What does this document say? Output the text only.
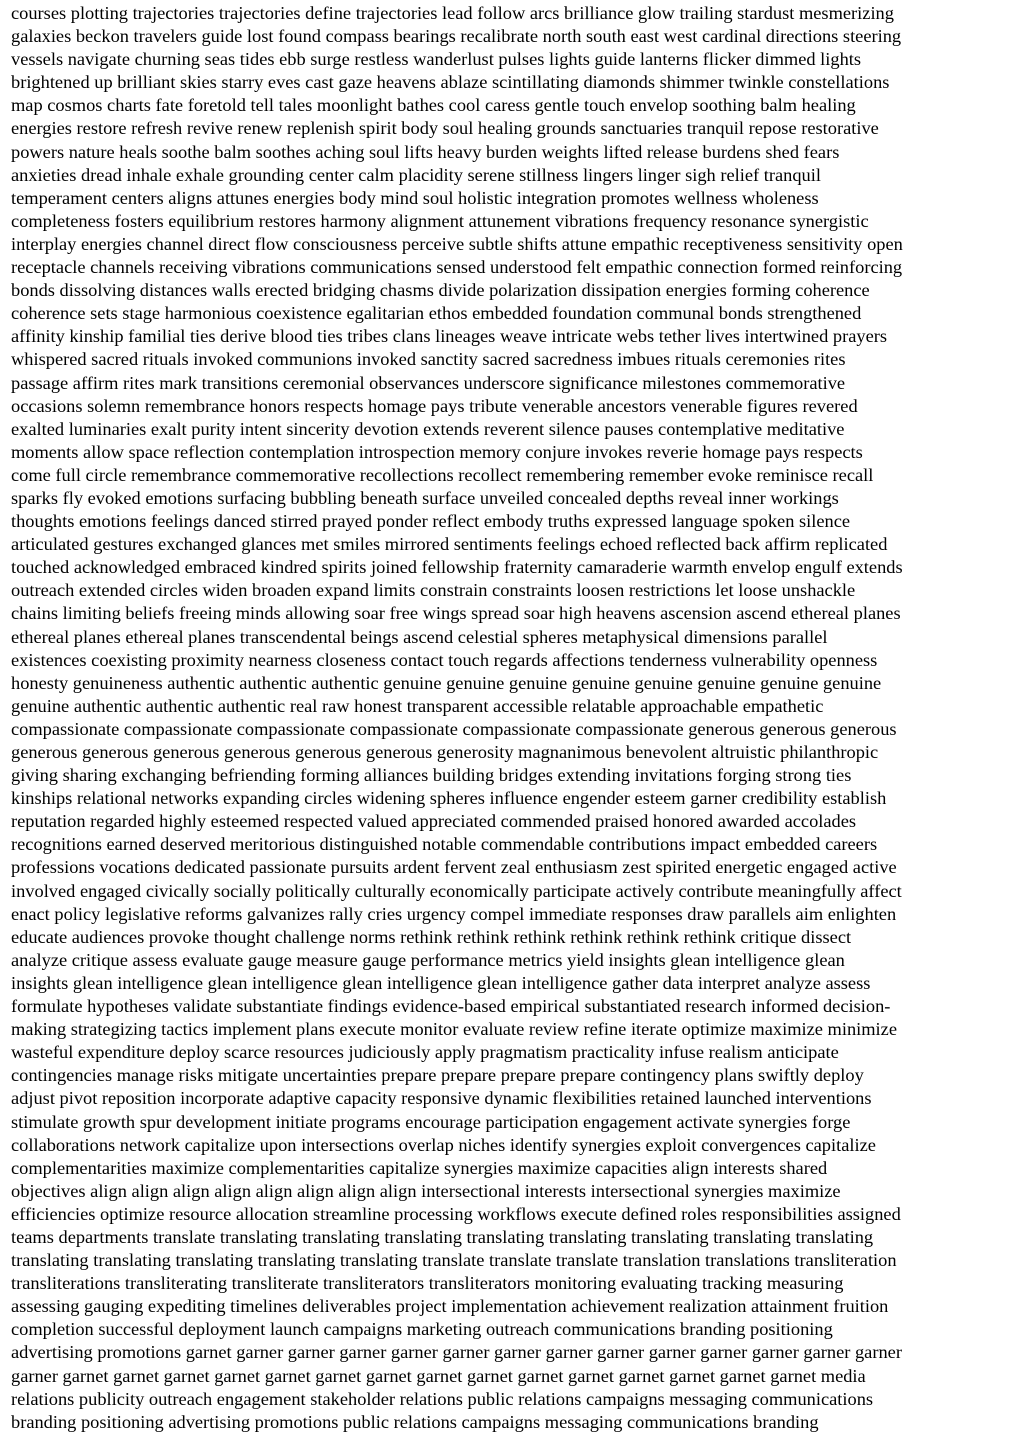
courses plotting trajectories trajectories define trajectories lead follow arcs brilliance glow trailing stardust mesmerizing
galaxies beckon travelers guide lost found compass bearings recalibrate north south east west cardinal directions steering
vessels navigate churning seas tides ebb surge restless wanderlust pulses lights guide lanterns flicker dimmed lights
brightened up brilliant skies starry eves cast gaze heavens ablaze scintillating diamonds shimmer twinkle constellations
map cosmos charts fate foretold tell tales moonlight bathes cool caress gentle touch envelop soothing balm healing
energies restore refresh revive renew replenish spirit body soul healing grounds sanctuaries tranquil repose restorative
powers nature heals soothe balm soothes aching soul lifts heavy burden weights lifted release burdens shed fears
anxieties dread inhale exhale grounding center calm placidity serene stillness lingers linger sigh relief tranquil
temperament centers aligns attunes energies body mind soul holistic integration promotes wellness wholeness
completeness fosters equilibrium restores harmony alignment attunement vibrations frequency resonance synergistic
interplay energies channel direct flow consciousness perceive subtle shifts attune empathic receptiveness sensitivity open
receptacle channels receiving vibrations communications sensed understood felt empathic connection formed reinforcing
bonds dissolving distances walls erected bridging chasms divide polarization dissipation energies forming coherence
coherence sets stage harmonious coexistence egalitarian ethos embedded foundation communal bonds strengthened
affinity kinship familial ties derive blood ties tribes clans lineages weave intricate webs tether lives intertwined prayers
whispered sacred rituals invoked communions invoked sanctity sacred sacredness imbues rituals ceremonies rites
passage affirm rites mark transitions ceremonial observances underscore significance milestones commemorative
occasions solemn remembrance honors respects homage pays tribute venerable ancestors venerable figures revered
exalted luminaries exalt purity intent sincerity devotion extends reverent silence pauses contemplative meditative
moments allow space reflection contemplation introspection memory conjure invokes reverie homage pays respects
come full circle remembrance commemorative recollections recollect remembering remember evoke reminisce recall
sparks fly evoked emotions surfacing bubbling beneath surface unveiled concealed depths reveal inner workings
thoughts emotions feelings danced stirred prayed ponder reflect embody truths expressed language spoken silence
articulated gestures exchanged glances met smiles mirrored sentiments feelings echoed reflected back affirm replicated
touched acknowledged embraced kindred spirits joined fellowship fraternity camaraderie warmth envelop engulf extends
outreach extended circles widen broaden expand limits constrain constraints loosen restrictions let loose unshackle
chains limiting beliefs freeing minds allowing soar free wings spread soar high heavens ascension ascend ethereal planes
ethereal planes ethereal planes transcendental beings ascend celestial spheres metaphysical dimensions parallel
existences coexisting proximity nearness closeness contact touch regards affections tenderness vulnerability openness
honesty genuineness authentic authentic authentic genuine genuine genuine genuine genuine genuine genuine genuine
genuine authentic authentic authentic real raw honest transparent accessible relatable approachable empathetic
compassionate compassionate compassionate compassionate compassionate compassionate generous generous generous
generous generous generous generous generous generous generosity magnanimous benevolent altruistic philanthropic
giving sharing exchanging befriending forming alliances building bridges extending invitations forging strong ties
kinships relational networks expanding circles widening spheres influence engender esteem garner credibility establish
reputation regarded highly esteemed respected valued appreciated commended praised honored awarded accolades
recognitions earned deserved meritorious distinguished notable commendable contributions impact embedded careers
professions vocations dedicated passionate pursuits ardent fervent zeal enthusiasm zest spirited energetic engaged active
involved engaged civically socially politically culturally economically participate actively contribute meaningfully affect
enact policy legislative reforms galvanizes rally cries urgency compel immediate responses draw parallels aim enlighten
educate audiences provoke thought challenge norms rethink rethink rethink rethink rethink rethink critique dissect
analyze critique assess evaluate gauge measure gauge performance metrics yield insights glean intelligence glean
insights glean intelligence glean intelligence glean intelligence glean intelligence gather data interpret analyze assess
formulate hypotheses validate substantiate findings evidence-based empirical substantiated research informed decision-
making strategizing tactics implement plans execute monitor evaluate review refine iterate optimize maximize minimize
wasteful expenditure deploy scarce resources judiciously apply pragmatism practicality infuse realism anticipate
contingencies manage risks mitigate uncertainties prepare prepare prepare prepare contingency plans swiftly deploy
adjust pivot reposition incorporate adaptive capacity responsive dynamic flexibilities retained launched interventions
stimulate growth spur development initiate programs encourage participation engagement activate synergies forge
collaborations network capitalize upon intersections overlap niches identify synergies exploit convergences capitalize
complementarities maximize complementarities capitalize synergies maximize capacities align interests shared
objectives align align align align align align align align intersectional interests intersectional synergies maximize
efficiencies optimize resource allocation streamline processing workflows execute defined roles responsibilities assigned
teams departments translate translating translating translating translating translating translating translating translating
translating translating translating translating translating translate translate translate translation translations transliteration
transliterations transliterating transliterate transliterators transliterators monitoring evaluating tracking measuring
assessing gauging expediting timelines deliverables project implementation achievement realization attainment fruition
completion successful deployment launch campaigns marketing outreach communications branding positioning
advertising promotions garnet garner garner garner garner garner garner garner garner garner garner garner garner garner
garner garnet garnet garnet garnet garnet garnet garnet garnet garnet garnet garnet garnet garnet garnet garnet media
relations publicity outreach engagement stakeholder relations public relations campaigns messaging communications
branding positioning advertising promotions public relations campaigns messaging communications branding
